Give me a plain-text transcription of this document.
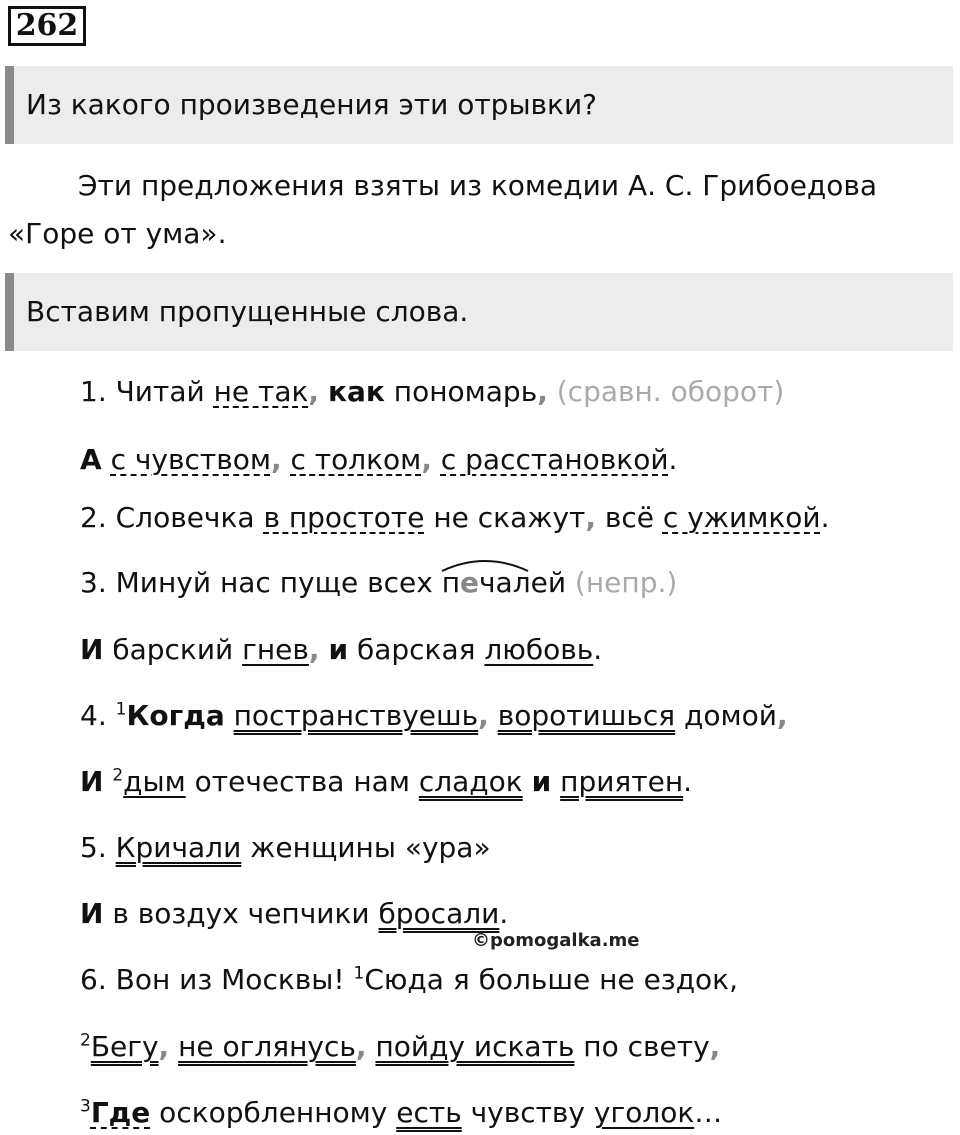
262
Из какого произведения эти отрывки?
Эти предложения взяты из комедии А. С. Грибоедова «Горе от ума».
Вставим пропущенные слова.
1. Читай не так, как пономарь, (сравн. оборот)
А с чувством, с толком, с расстановкой.
2. Словечка в простоте не скажут, всё с ужимкой.
3. Минуй нас пуще всех
печалей (непр.)
И барский гнев, и барская любовь.
4. $^1$Когда постранствуешь, воротишься домой,
И $^2$дым отечества нам сладок и приятен.
5. Кричали женщины «ура»
И в воздух чепчики бросали.
©pomogalka.me
6. Вон из Москвы! $^1$Сюда я больше не ездок,
$^2$Бегу, не оглянусь, пойду искать по свету,
$^3$Где оскорбленному есть чувству уголок…
